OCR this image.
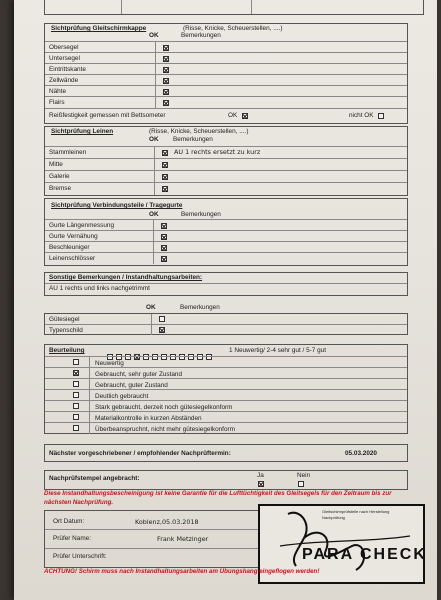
Sichtprüfung Gleitschirmkappe	(Risse, Knicke, Scheuerstellen, ....)
OK	Bemerkungen
Obersegel
Untersegel
Eintrittskante
Zellwände
Nähte
Flairs
Reißfestigkeit gemessen mit Bettsometer	OK	nicht OK
Sichtprüfung Leinen	(Risse, Knicke, Scheuerstellen, ....)
OK Bemerkungen
Stammleinen	AU 1 rechts ersetzt zu kurz
Mitte
Galerie
Bremse
Sichtprüfung Verbindungsteile / Tragegurte
OK	Bemerkungen
Gurte Längenmessung
Gurte Vernähung
Beschleuniger
Leinenschlösser
Sonstige Bemerkungen / Instandhaltungsarbeiten:
AU 1 rechts und links nachgetrimmt
OK	Bemerkungen
Gütesiegel
Typenschild
Beurteilung	1 Neuwertig/ 2-4 sehr gut / 5-7 gut
Neuwertig
Gebraucht, sehr guter Zustand
Gebraucht, guter Zustand
Deutlich gebraucht
Stark gebraucht, derzeit noch gütesiegelkonform
Materialkontrolle in kurzen Abständen
Überbeanspruchnt, nicht mehr gütesiegelkonform
Nächster vorgeschriebener / empfohlender Nachprüftermin:	05.03.2020
Nachprüfstempel angebracht:	Ja	Nein
Diese Instandhaltungsbescheinigung ist keine Garantie für die Lufttüchtigkeit des Gleitsegels für den Zeitraum bis zur nächsten Nachprüfung.
Ort Datum:	Koblenz,05.03.2018
Prüfer Name:	Frank Metzinger
Prüfer Unterschrift:
Gleitschirmprüfstelle nach Herstellung
Nachprüfung
PARA CHECK
ACHTUNG! Schirm muss nach Instandhaltungsarbeiten am Übungshang eingeflogen werden!
